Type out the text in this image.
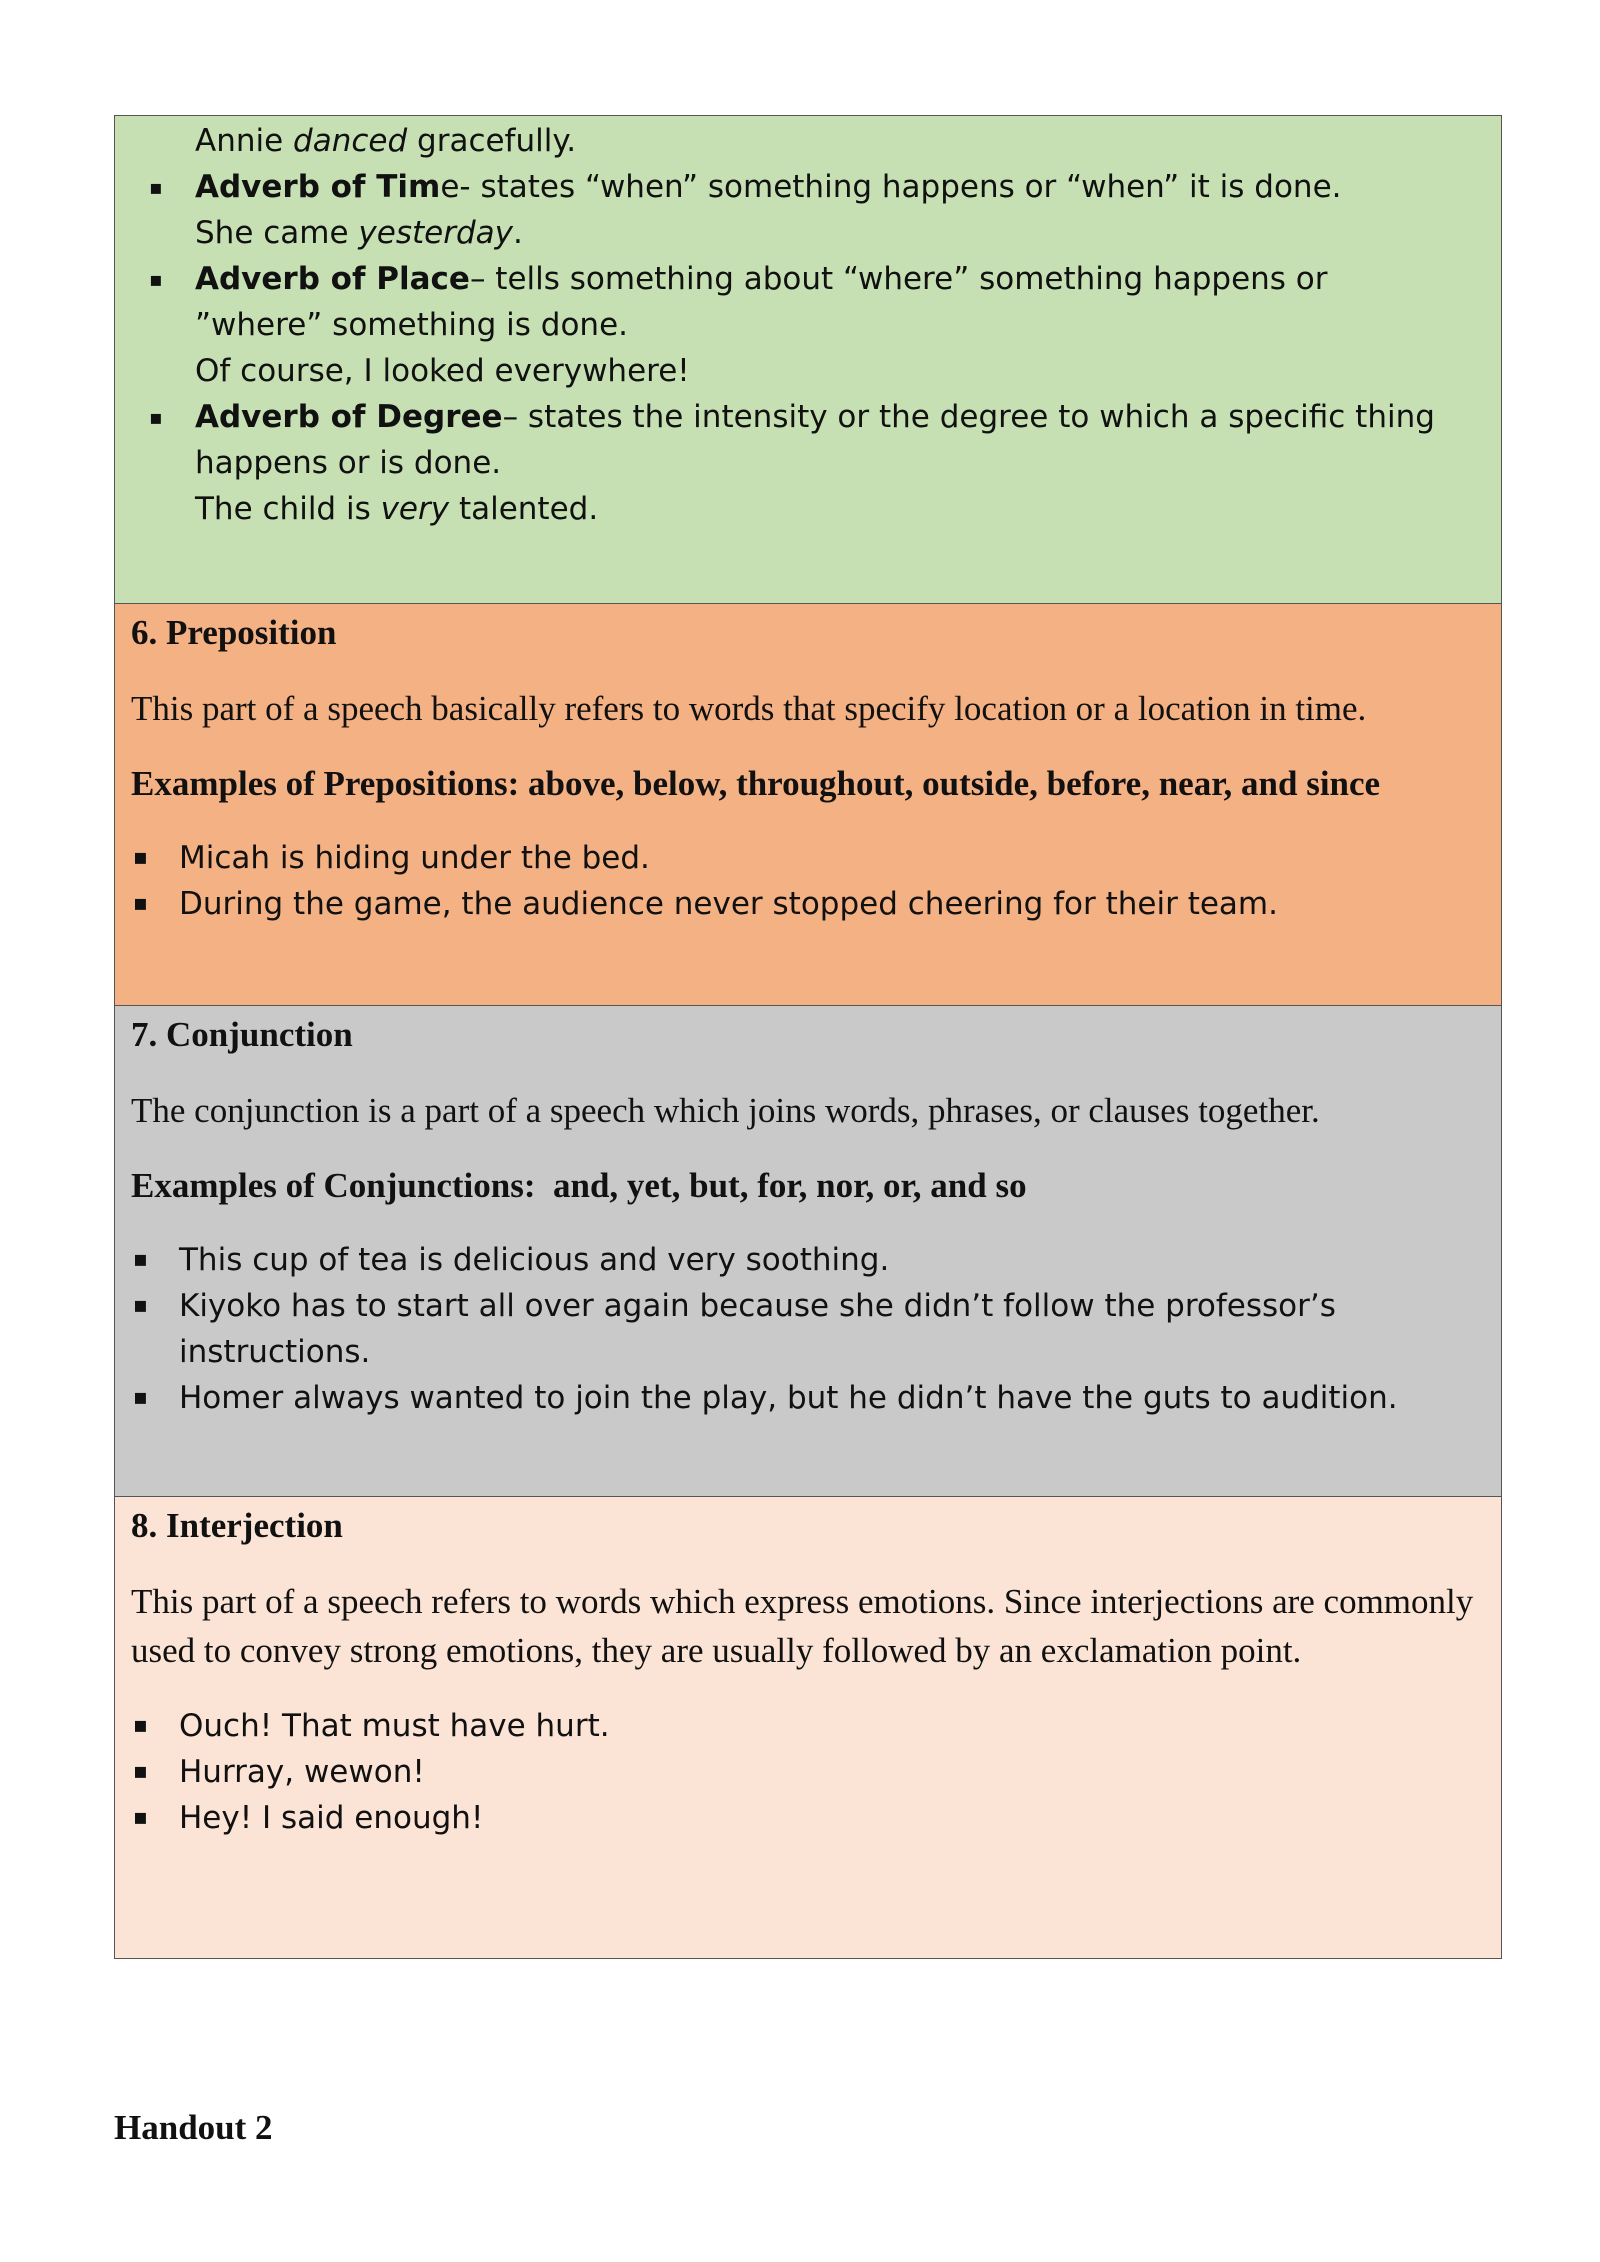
Annie danced gracefully.
▪ Adverb of Time- states “when” something happens or “when” it is done.
She came yesterday.
▪ Adverb of Place– tells something about “where” something happens or ”where” something is done.
Of course, I looked everywhere!
▪ Adverb of Degree– states the intensity or the degree to which a specific thing happens or is done.
The child is very talented.

6. Preposition

This part of a speech basically refers to words that specify location or a location in time.

Examples of Prepositions: above, below, throughout, outside, before, near, and since

▪ Micah is hiding under the bed.
▪ During the game, the audience never stopped cheering for their team.

7. Conjunction

The conjunction is a part of a speech which joins words, phrases, or clauses together.

Examples of Conjunctions:  and, yet, but, for, nor, or, and so

▪ This cup of tea is delicious and very soothing.
▪ Kiyoko has to start all over again because she didn’t follow the professor’s instructions.
▪ Homer always wanted to join the play, but he didn’t have the guts to audition.

8. Interjection

This part of a speech refers to words which express emotions. Since interjections are commonly used to convey strong emotions, they are usually followed by an exclamation point.

▪ Ouch! That must have hurt.
▪ Hurray, wewon!
▪ Hey! I said enough!
Handout 2
